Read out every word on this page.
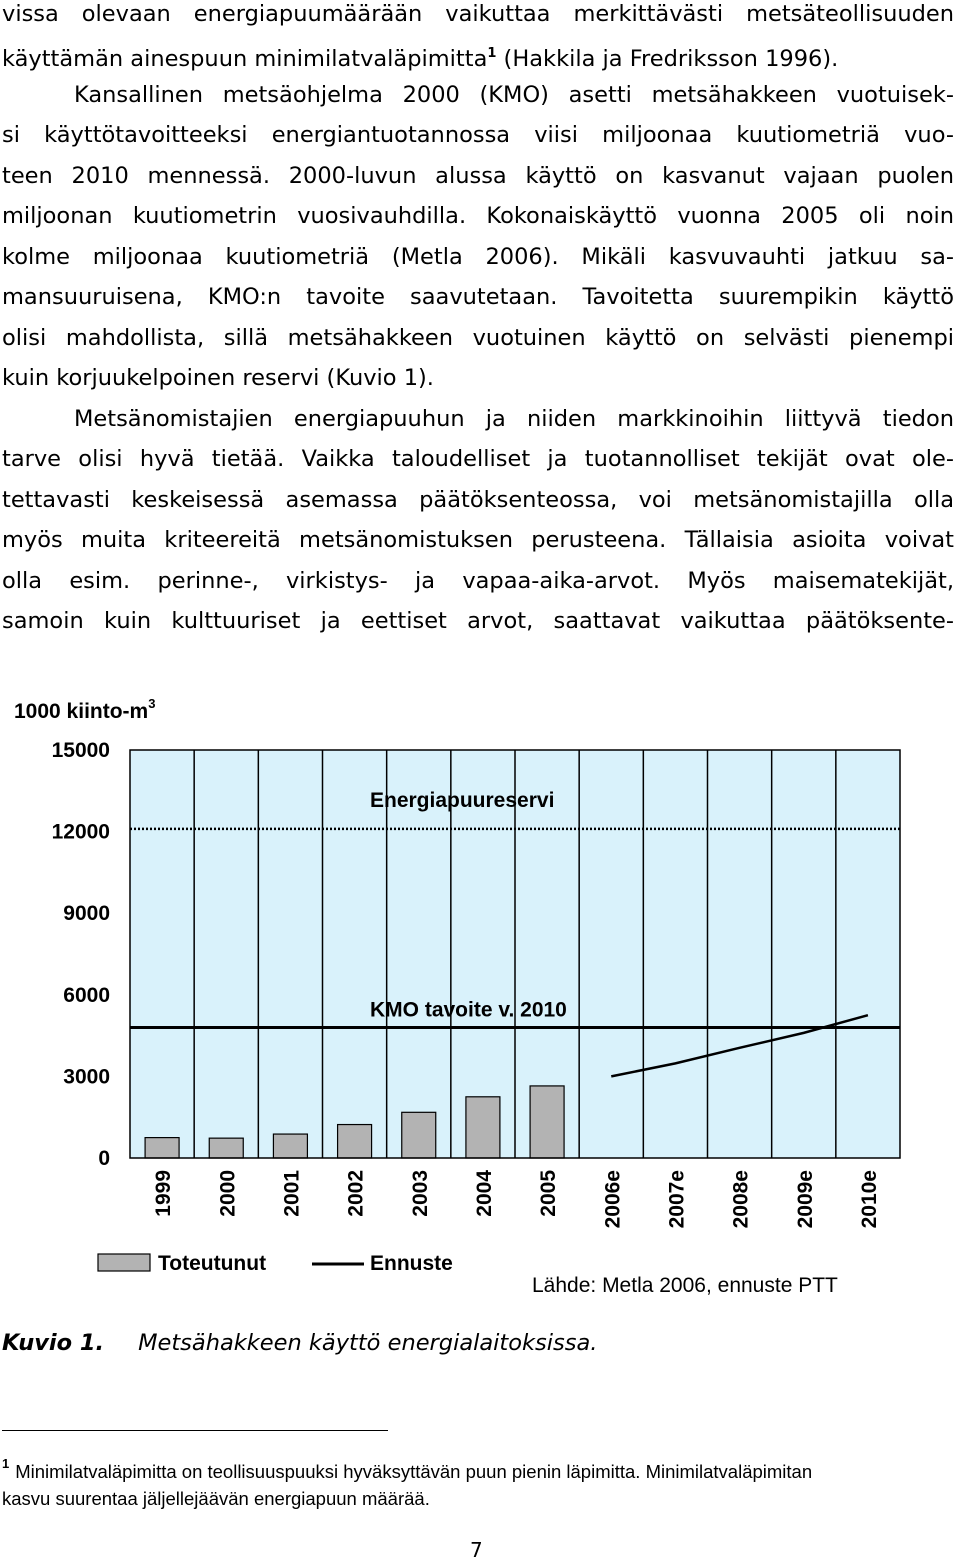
vissa olevaan energiapuumäärään vaikuttaa merkittävästi metsäteollisuuden
käyttämän ainespuun minimilatvaläpimitta$^1$ (Hakkila ja Fredriksson 1996).
Kansallinen metsäohjelma 2000 (KMO) asetti metsähakkeen vuotuisek-
si käyttötavoitteeksi energiantuotannossa viisi miljoonaa kuutiometriä vuo-
teen 2010 mennessä. 2000-luvun alussa käyttö on kasvanut vajaan puolen
miljoonan kuutiometrin vuosivauhdilla. Kokonaiskäyttö vuonna 2005 oli noin
kolme miljoonaa kuutiometriä (Metla 2006). Mikäli kasvuvauhti jatkuu sa-
mansuuruisena, KMO:n tavoite saavutetaan. Tavoitetta suurempikin käyttö
olisi mahdollista, sillä metsähakkeen vuotuinen käyttö on selvästi pienempi
kuin korjuukelpoinen reservi (Kuvio 1).
Metsänomistajien energiapuuhun ja niiden markkinoihin liittyvä tiedon
tarve olisi hyvä tietää. Vaikka taloudelliset ja tuotannolliset tekijät ovat ole-
tettavasti keskeisessä asemassa päätöksenteossa, voi metsänomistajilla olla
myös muita kriteereitä metsänomistuksen perusteena. Tällaisia asioita voivat
olla esim. perinne-, virkistys- ja vapaa-aika-arvot. Myös maisematekijät,
samoin kuin kulttuuriset ja eettiset arvot, saattavat vaikuttaa päätöksente-
0
3000
6000
9000
12000
15000
1999 2000 2001 2002 2003 2004 2005 2006e 2007e 2008e 2009e 2010e
1000 kiinto-$m^3$
Energiapuureservi
KMO tavoite v. 2010
Toteutunut	Ennuste
Lähde: Metla 2006, ennuste PTT
Kuvio 1. Metsähakkeen käyttö energialaitoksissa.
$^1$ Minimilatvaläpimitta on teollisuuspuuksi hyväksyttävän puun pienin läpimitta. Minimilatvaläpimitan
kasvu suurentaa jäljellejäävän energiapuun määrää.
7
